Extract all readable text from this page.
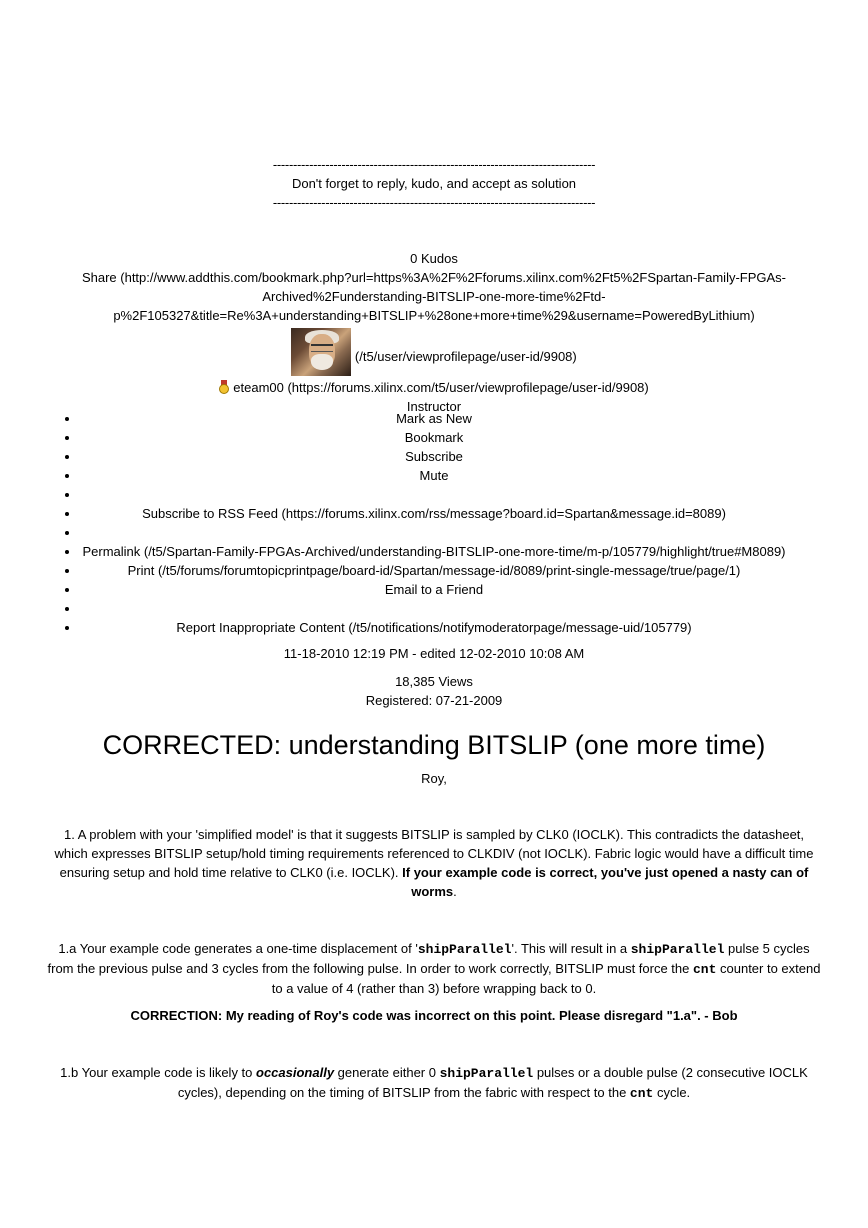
--------------------------------------------------------------------------------
Don't forget to reply, kudo, and accept as solution
--------------------------------------------------------------------------------
0 Kudos
Share (http://www.addthis.com/bookmark.php?url=https%3A%2F%2Fforums.xilinx.com%2Ft5%2FSpartan-Family-FPGAs-Archived%2Funderstanding-BITSLIP-one-more-time%2Ftd-p%2F105327&title=Re%3A+understanding+BITSLIP+%28one+more+time%29&username=PoweredByLithium)
(/t5/user/viewprofilepage/user-id/9908)
eteam00 (https://forums.xilinx.com/t5/user/viewprofilepage/user-id/9908)
Instructor
Mark as New
Bookmark
Subscribe
Mute
Subscribe to RSS Feed (https://forums.xilinx.com/rss/message?board.id=Spartan&message.id=8089)
Permalink (/t5/Spartan-Family-FPGAs-Archived/understanding-BITSLIP-one-more-time/m-p/105779/highlight/true#M8089)
Print (/t5/forums/forumtopicprintpage/board-id/Spartan/message-id/8089/print-single-message/true/page/1)
Email to a Friend
Report Inappropriate Content (/t5/notifications/notifymoderatorpage/message-uid/105779)
11-18-2010 12:19 PM - edited 12-02-2010 10:08 AM
18,385 Views
Registered: 07-21-2009
CORRECTED: understanding BITSLIP (one more time)
Roy,

1. A problem with your 'simplified model' is that it suggests BITSLIP is sampled by CLK0 (IOCLK). This contradicts the datasheet, which expresses BITSLIP setup/hold timing requirements referenced to CLKDIV (not IOCLK). Fabric logic would have a difficult time ensuring setup and hold time relative to CLK0 (i.e. IOCLK). If your example code is correct, you've just opened a nasty can of worms.

1.a Your example code generates a one-time displacement of 'shipParallel'. This will result in a shipParallel pulse 5 cycles from the previous pulse and 3 cycles from the following pulse. In order to work correctly, BITSLIP must force the cnt counter to extend to a value of 4 (rather than 3) before wrapping back to 0.

CORRECTION: My reading of Roy's code was incorrect on this point. Please disregard "1.a". - Bob

1.b Your example code is likely to occasionally generate either 0 shipParallel pulses or a double pulse (2 consecutive IOCLK cycles), depending on the timing of BITSLIP from the fabric with respect to the cnt cycle.
